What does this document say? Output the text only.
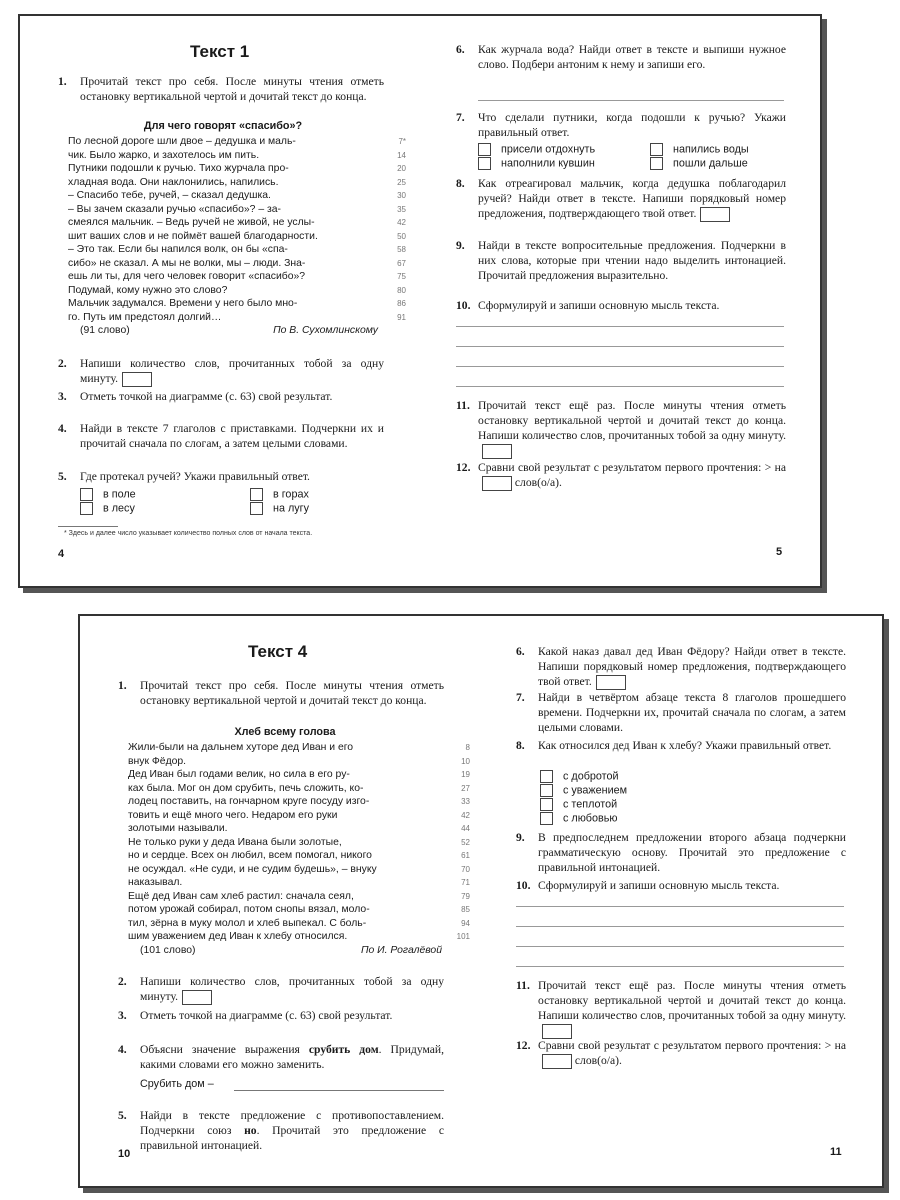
Текст 1
1. Прочитай текст про себя. После минуты чтения отметь остановку вертикальной чертой и дочитай текст до конца.
Для чего говорят «спасибо»?
По лесной дороге шли двое – дедушка и маль-	7*
чик. Было жарко, и захотелось им пить.	14
Путники подошли к ручью. Тихо журчала про-	20
хладная вода. Они наклонились, напились.	25
– Спасибо тебе, ручей, – сказал дедушка.	30
– Вы зачем сказали ручью «спасибо»? – за-	35
смеялся мальчик. – Ведь ручей не живой, не услы-	42
шит ваших слов и не поймёт вашей благодарности.	50
– Это так. Если бы напился волк, он бы «спа-	58
сибо» не сказал. А мы не волки, мы – люди. Зна-	67
ешь ли ты, для чего человек говорит «спасибо»?	75
Подумай, кому нужно это слово?	80
Мальчик задумался. Времени у него было мно-	86
го. Путь им предстоял долгий…	91
(91 слово)	По В. Сухомлинскому
2. Напиши количество слов, прочитанных тобой за одну минуту.
3. Отметь точкой на диаграмме (с. 63) свой результат.
4. Найди в тексте 7 глаголов с приставками. Подчеркни их и прочитай сначала по слогам, а затем целыми словами.
5. Где протекал ручей? Укажи правильный ответ.
в поле	в горах
в лесу	на лугу
* Здесь и далее число указывает количество полных слов от начала текста.
4
6. Как журчала вода? Найди ответ в тексте и выпиши нужное слово. Подбери антоним к нему и запиши его.
7. Что сделали путники, когда подошли к ручью? Укажи правильный ответ.
присели отдохнуть	напились воды
наполнили кувшин	пошли дальше
8. Как отреагировал мальчик, когда дедушка поблагодарил ручей? Найди ответ в тексте. Напиши порядковый номер предложения, подтверждающего твой ответ.
9. Найди в тексте вопросительные предложения. Подчеркни в них слова, которые при чтении надо выделить интонацией. Прочитай предложения выразительно.
10. Сформулируй и запиши основную мысль текста.
11. Прочитай текст ещё раз. После минуты чтения отметь остановку вертикальной чертой и дочитай текст до конца. Напиши количество слов, прочитанных тобой за одну минуту.
12. Сравни свой результат с результатом первого прочтения: > на слов(о/а).
5
Текст 4
1. Прочитай текст про себя. После минуты чтения отметь остановку вертикальной чертой и дочитай текст до конца.
Хлеб всему голова
Жили-были на дальнем хуторе дед Иван и его	8
внук Фёдор.	10
Дед Иван был годами велик, но сила в его ру-	19
ках была. Мог он дом срубить, печь сложить, ко-	27
лодец поставить, на гончарном круге посуду изго-	33
товить и ещё много чего. Недаром его руки	42
золотыми называли.	44
Не только руки у деда Ивана были золотые,	52
но и сердце. Всех он любил, всем помогал, никого	61
не осуждал. «Не суди, и не судим будешь», – внуку	70
наказывал.	71
Ещё дед Иван сам хлеб растил: сначала сеял,	79
потом урожай собирал, потом снопы вязал, моло-	85
тил, зёрна в муку молол и хлеб выпекал. С боль-	94
шим уважением дед Иван к хлебу относился.	101
(101 слово)	По И. Рогалёвой
2. Напиши количество слов, прочитанных тобой за одну минуту.
3. Отметь точкой на диаграмме (с. 63) свой результат.
4. Объясни значение выражения срубить дом. Придумай, какими словами его можно заменить.
Срубить дом –
5. Найди в тексте предложение с противопоставлением. Подчеркни союз но. Прочитай это предложение с правильной интонацией.
10
6. Какой наказ давал дед Иван Фёдору? Найди ответ в тексте. Напиши порядковый номер предложения, подтверждающего твой ответ.
7. Найди в четвёртом абзаце текста 8 глаголов прошедшего времени. Подчеркни их, прочитай сначала по слогам, а затем целыми словами.
8. Как относился дед Иван к хлебу? Укажи правильный ответ.
с добротой
с уважением
с теплотой
с любовью
9. В предпоследнем предложении второго абзаца подчеркни грамматическую основу. Прочитай это предложение с правильной интонацией.
10. Сформулируй и запиши основную мысль текста.
11. Прочитай текст ещё раз. После минуты чтения отметь остановку вертикальной чертой и дочитай текст до конца. Напиши количество слов, прочитанных тобой за одну минуту.
12. Сравни свой результат с результатом первого прочтения: > на слов(о/а).
11
